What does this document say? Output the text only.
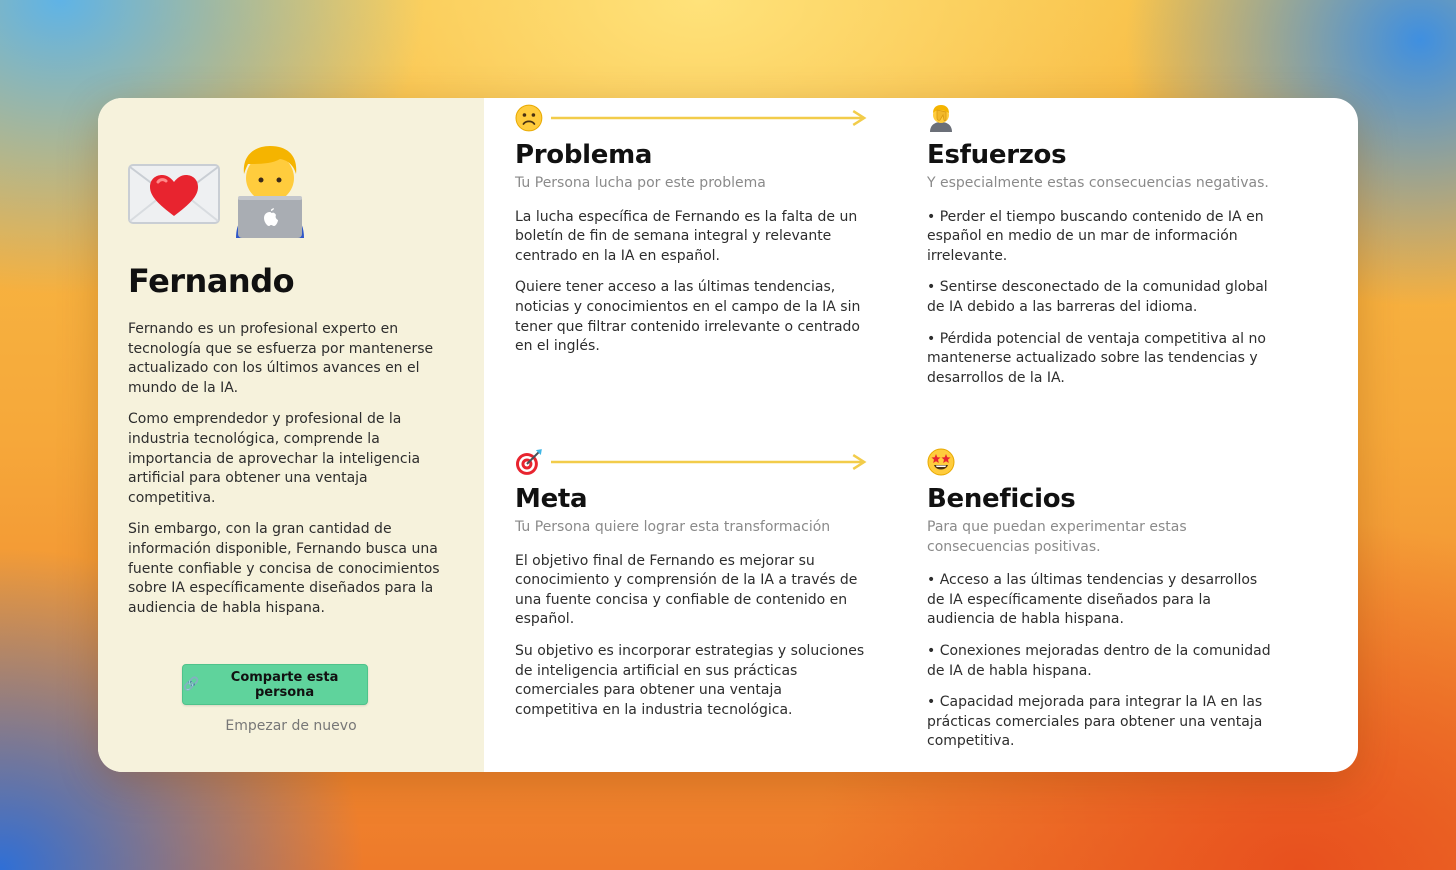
Fernando

Fernando es un profesional experto en tecnología que se esfuerza por mantenerse actualizado con los últimos avances en el mundo de la IA.

Como emprendedor y profesional de la industria tecnológica, comprende la importancia de aprovechar la inteligencia artificial para obtener una ventaja competitiva.

Sin embargo, con la gran cantidad de información disponible, Fernando busca una fuente confiable y concisa de conocimientos sobre IA específicamente diseñados para la audiencia de habla hispana.

🔗	Comparte esta persona
Empezar de nuevo
Problema
Tu Persona lucha por este problema

La lucha específica de Fernando es la falta de un boletín de fin de semana integral y relevante centrado en la IA en español.

Quiere tener acceso a las últimas tendencias, noticias y conocimientos en el campo de la IA sin tener que filtrar contenido irrelevante o centrado en el inglés.

Esfuerzos
Y especialmente estas consecuencias negativas.

• Perder el tiempo buscando contenido de IA en español en medio de un mar de información irrelevante.

• Sentirse desconectado de la comunidad global de IA debido a las barreras del idioma.

• Pérdida potencial de ventaja competitiva al no mantenerse actualizado sobre las tendencias y desarrollos de la IA.

Meta
Tu Persona quiere lograr esta transformación

El objetivo final de Fernando es mejorar su conocimiento y comprensión de la IA a través de una fuente concisa y confiable de contenido en español.

Su objetivo es incorporar estrategias y soluciones de inteligencia artificial en sus prácticas comerciales para obtener una ventaja competitiva en la industria tecnológica.

Beneficios
Para que puedan experimentar estas consecuencias positivas.

• Acceso a las últimas tendencias y desarrollos de IA específicamente diseñados para la audiencia de habla hispana.

• Conexiones mejoradas dentro de la comunidad de IA de habla hispana.

• Capacidad mejorada para integrar la IA en las prácticas comerciales para obtener una ventaja competitiva.
